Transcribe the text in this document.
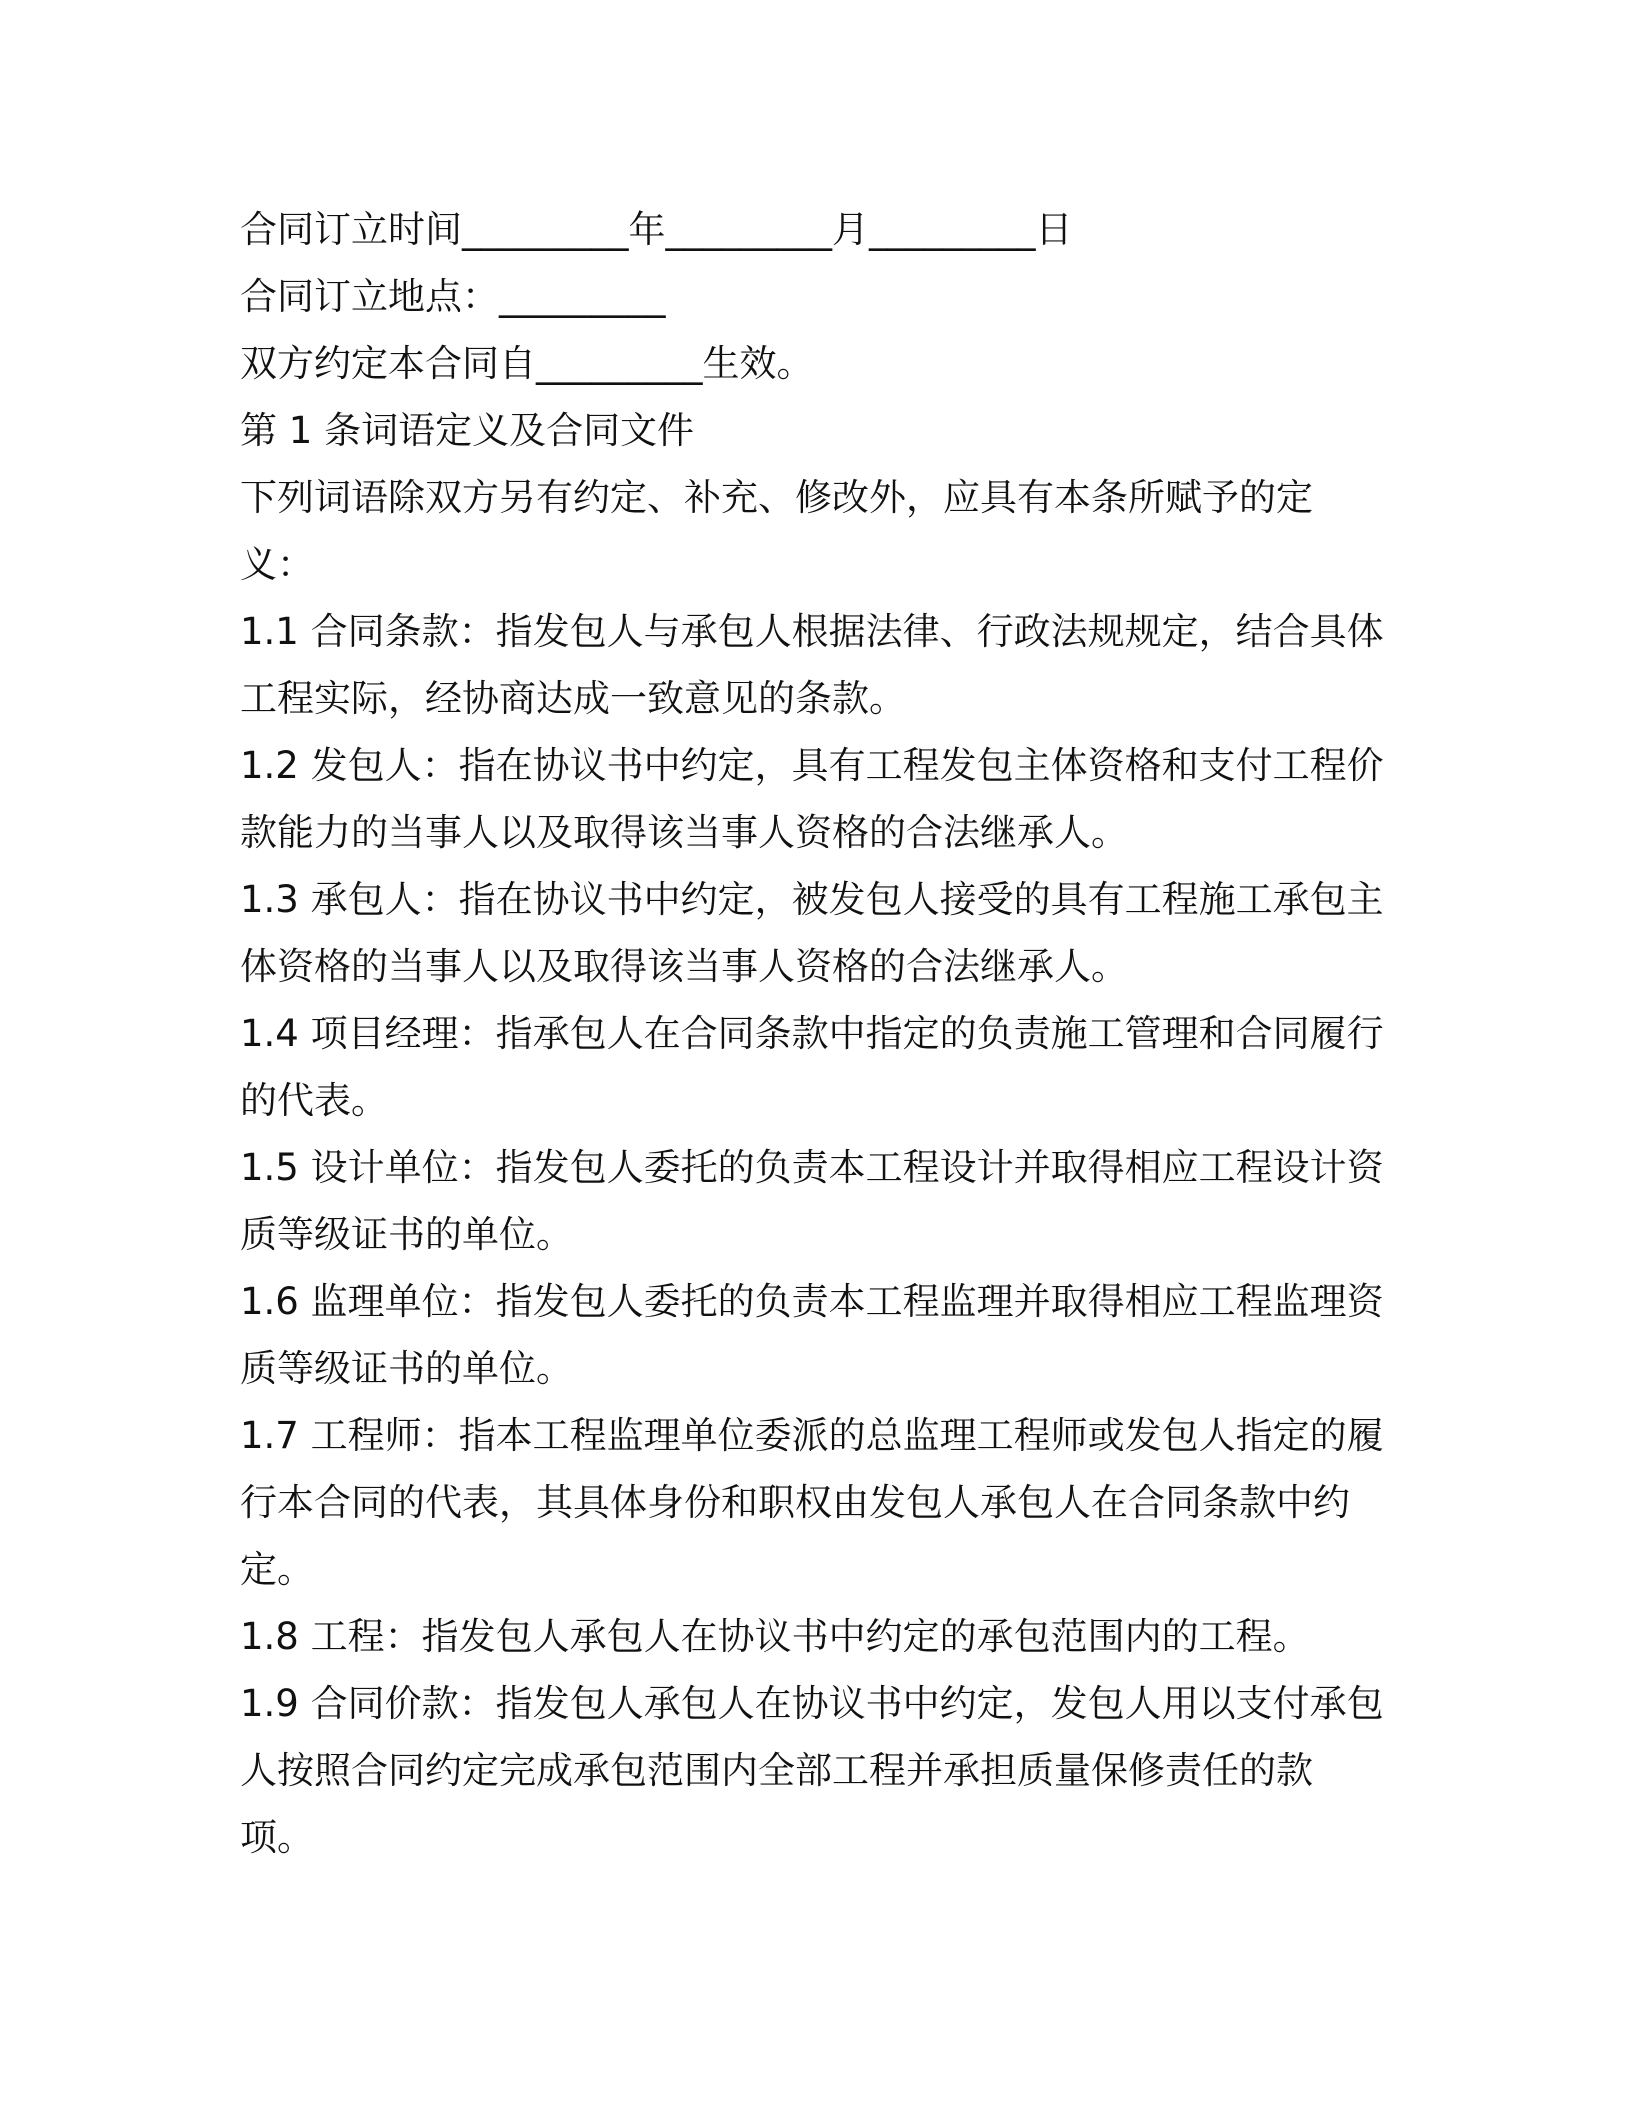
合同订立时间_________年_________月_________日
合同订立地点：_________
双方约定本合同自_________生效。
第 1 条词语定义及合同文件
下列词语除双方另有约定、补充、修改外，应具有本条所赋予的定
义：
1.1 合同条款：指发包人与承包人根据法律、行政法规规定，结合具体
工程实际，经协商达成一致意见的条款。
1.2 发包人：指在协议书中约定，具有工程发包主体资格和支付工程价
款能力的当事人以及取得该当事人资格的合法继承人。
1.3 承包人：指在协议书中约定，被发包人接受的具有工程施工承包主
体资格的当事人以及取得该当事人资格的合法继承人。
1.4 项目经理：指承包人在合同条款中指定的负责施工管理和合同履行
的代表。
1.5 设计单位：指发包人委托的负责本工程设计并取得相应工程设计资
质等级证书的单位。
1.6 监理单位：指发包人委托的负责本工程监理并取得相应工程监理资
质等级证书的单位。
1.7 工程师：指本工程监理单位委派的总监理工程师或发包人指定的履
行本合同的代表，其具体身份和职权由发包人承包人在合同条款中约
定。
1.8 工程：指发包人承包人在协议书中约定的承包范围内的工程。
1.9 合同价款：指发包人承包人在协议书中约定，发包人用以支付承包
人按照合同约定完成承包范围内全部工程并承担质量保修责任的款
项。
